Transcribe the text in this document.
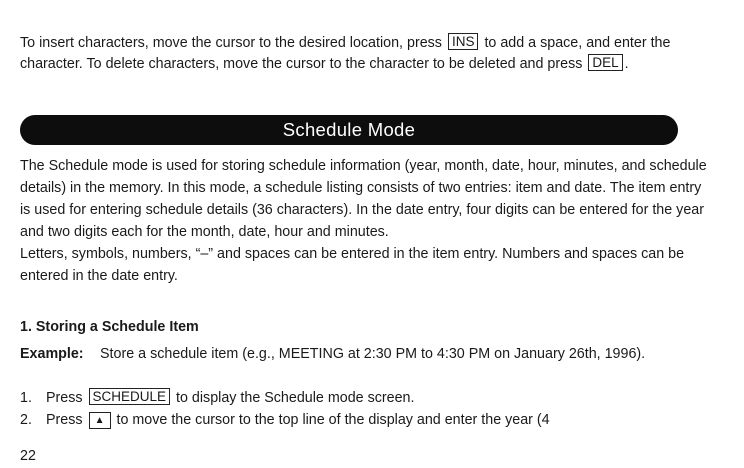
To insert characters, move the cursor to the desired location, press INS to add a space, and enter the character. To delete characters, move the cursor to the character to be deleted and press DEL .
Schedule Mode
The Schedule mode is used for storing schedule information (year, month, date, hour, minutes, and schedule details) in the memory. In this mode, a schedule listing consists of two entries: item and date. The item entry is used for entering schedule details (36 characters). In the date entry, four digits can be entered for the year and two digits each for the month, date, hour and minutes.
Letters, symbols, numbers, “–” and spaces can be entered in the item entry. Numbers and spaces can be entered in the date entry.
1. Storing a Schedule Item
Example:	Store a schedule item (e.g., MEETING at 2:30 PM to 4:30 PM on January 26th, 1996).
1. Press SCHEDULE to display the Schedule mode screen.
2. Press ▲ to move the cursor to the top line of the display and enter the year (4
22
